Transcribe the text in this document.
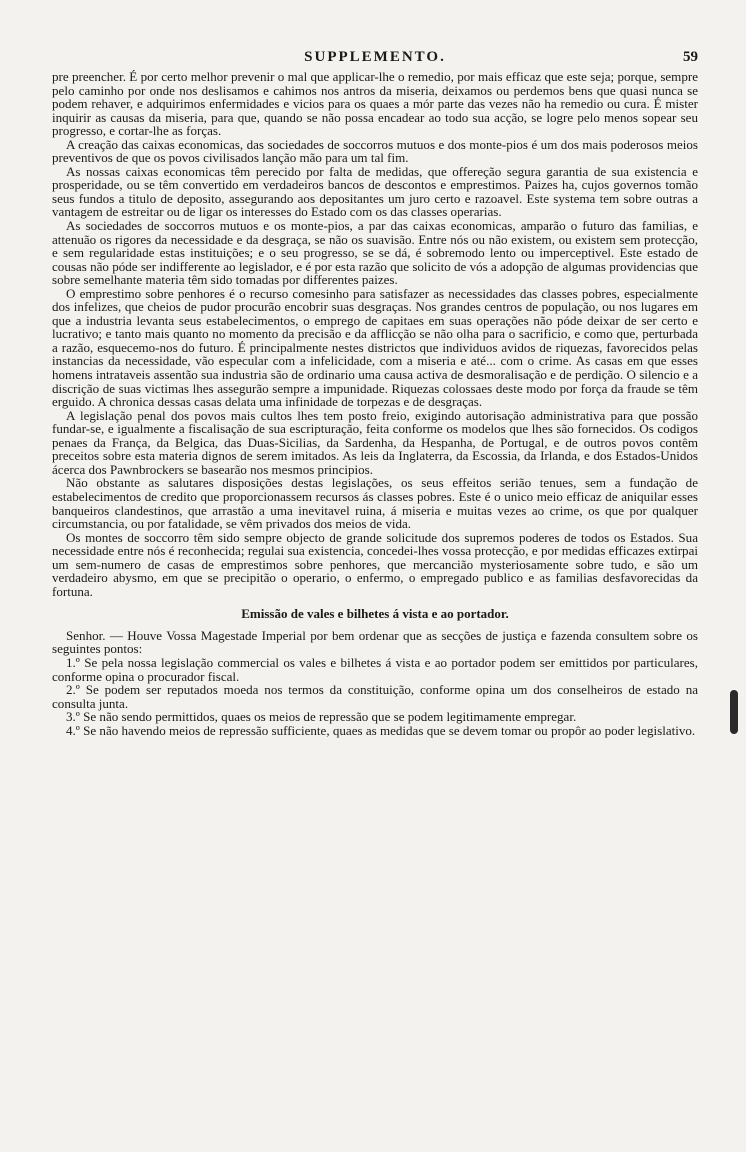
SUPPLEMENTO.	59

pre preencher. É por certo melhor prevenir o mal que applicar-lhe o remedio, por mais efficaz que este seja; porque, sempre pelo caminho por onde nos deslisamos e cahimos nos antros da miseria, deixamos ou perdemos bens que quasi nunca se podem rehaver, e adquirimos enfermidades e vicios para os quaes a mór parte das vezes não ha remedio ou cura. É mister inquirir as causas da miseria, para que, quando se não possa encadear ao todo sua acção, se logre pelo menos sopear seu progresso, e cortar-lhe as forças.

A creação das caixas economicas, das sociedades de soccorros mutuos e dos monte-pios é um dos mais poderosos meios preventivos de que os povos civilisados lanção mão para um tal fim.

As nossas caixas economicas têm perecido por falta de medidas, que offereção segura garantia de sua existencia e prosperidade, ou se têm convertido em verdadeiros bancos de descontos e emprestimos. Paizes ha, cujos governos tomão seus fundos a titulo de deposito, assegurando aos depositantes um juro certo e razoavel. Este systema tem sobre outras a vantagem de estreitar ou de ligar os interesses do Estado com os das classes operarias.

As sociedades de soccorros mutuos e os monte-pios, a par das caixas economicas, amparão o futuro das familias, e attenuão os rigores da necessidade e da desgraça, se não os suavisão. Entre nós ou não existem, ou existem sem protecção, e sem regularidade estas instituições; e o seu progresso, se se dá, é sobremodo lento ou imperceptivel. Este estado de cousas não póde ser indifferente ao legislador, e é por esta razão que solicito de vós a adopção de algumas providencias que sobre semelhante materia têm sido tomadas por differentes paizes.

O emprestimo sobre penhores é o recurso comesinho para satisfazer as necessidades das classes pobres, especialmente dos infelizes, que cheios de pudor procurão encobrir suas desgraças. Nos grandes centros de população, ou nos lugares em que a industria levanta seus estabelecimentos, o emprego de capitaes em suas operações não póde deixar de ser certo e lucrativo; e tanto mais quanto no momento da precisão e da afflicção se não olha para o sacrificio, e como que, perturbada a razão, esquecemo-nos do futuro. É principalmente nestes districtos que individuos avidos de riquezas, favorecidos pelas instancias da necessidade, vão especular com a infelicidade, com a miseria e até... com o crime. As casas em que esses homens intrataveis assentão sua industria são de ordinario uma causa activa de desmoralisação e de perdição. O silencio e a discrição de suas victimas lhes assegurão sempre a impunidade. Riquezas colossaes deste modo por força da fraude se têm erguido. A chronica dessas casas delata uma infinidade de torpezas e de desgraças.

A legislação penal dos povos mais cultos lhes tem posto freio, exigindo autorisação administrativa para que possão fundar-se, e igualmente a fiscalisação de sua escripturação, feita conforme os modelos que lhes são fornecidos. Os codigos penaes da França, da Belgica, das Duas-Sicilias, da Sardenha, da Hespanha, de Portugal, e de outros povos contêm preceitos sobre esta materia dignos de serem imitados. As leis da Inglaterra, da Escossia, da Irlanda, e dos Estados-Unidos ácerca dos Pawnbrockers se basearão nos mesmos principios.

Não obstante as salutares disposições destas legislações, os seus effeitos serião tenues, sem a fundação de estabelecimentos de credito que proporcionassem recursos ás classes pobres. Este é o unico meio efficaz de aniquilar esses banqueiros clandestinos, que arrastão a uma inevitavel ruina, á miseria e muitas vezes ao crime, os que por qualquer circumstancia, ou por fatalidade, se vêm privados dos meios de vida.

Os montes de soccorro têm sido sempre objecto de grande solicitude dos supremos poderes de todos os Estados. Sua necessidade entre nós é reconhecida; regulai sua existencia, concedei-lhes vossa protecção, e por medidas efficazes extirpai um sem-numero de casas de emprestimos sobre penhores, que mercancião mysteriosamente sobre tudo, e são um verdadeiro abysmo, em que se precipitão o operario, o enfermo, o empregado publico e as familias desfavorecidas da fortuna.

Emissão de vales e bilhetes á vista e ao portador.

Senhor. — Houve Vossa Magestade Imperial por bem ordenar que as secções de justiça e fazenda consultem sobre os seguintes pontos:

1.º Se pela nossa legislação commercial os vales e bilhetes á vista e ao portador podem ser emittidos por particulares, conforme opina o procurador fiscal.

2.º Se podem ser reputados moeda nos termos da constituição, conforme opina um dos conselheiros de estado na consulta junta.

3.º Se não sendo permittidos, quaes os meios de repressão que se podem legitimamente empregar.

4.º Se não havendo meios de repressão sufficiente, quaes as medidas que se devem tomar ou propôr ao poder legislativo.
